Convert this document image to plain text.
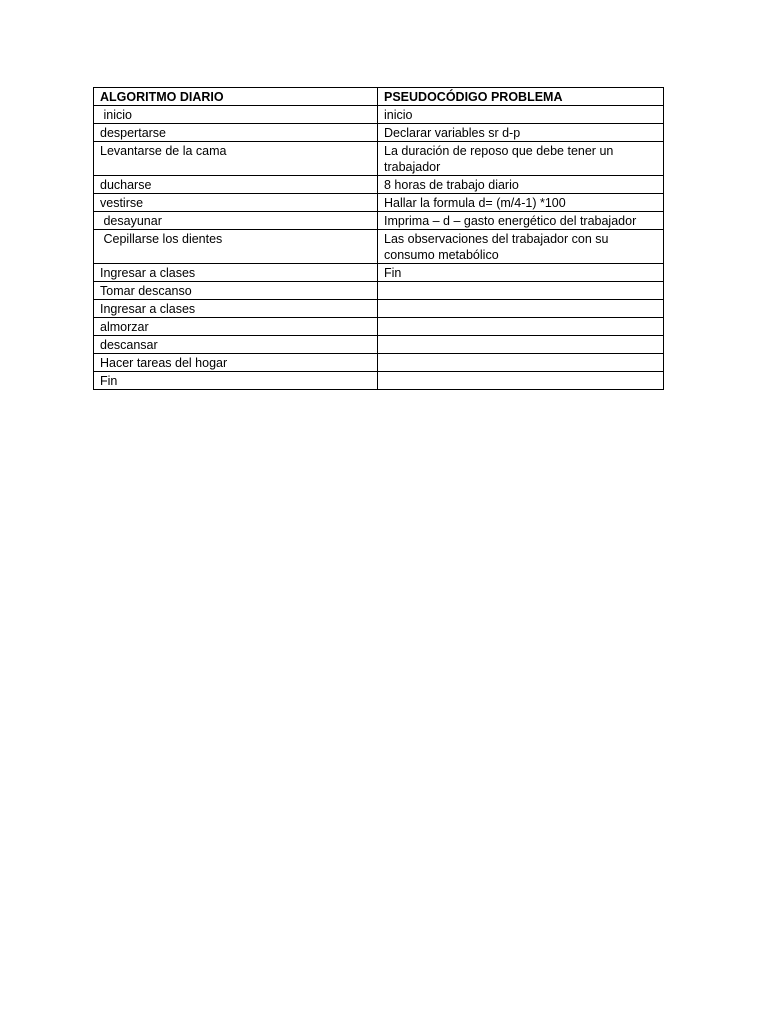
ALGORITMO DIARIO	PSEUDOCÓDIGO PROBLEMA
inicio	inicio
despertarse	Declarar variables sr d-p
Levantarse de la cama	La duración de reposo que debe tener un trabajador
ducharse	8 horas de trabajo diario
vestirse	Hallar la formula d= (m/4-1) *100
desayunar	Imprima – d – gasto energético del trabajador
Cepillarse los dientes	Las observaciones del trabajador con su consumo metabólico
Ingresar a clases	Fin
Tomar descanso	
Ingresar a clases	
almorzar	
descansar	
Hacer tareas del hogar	
Fin	
